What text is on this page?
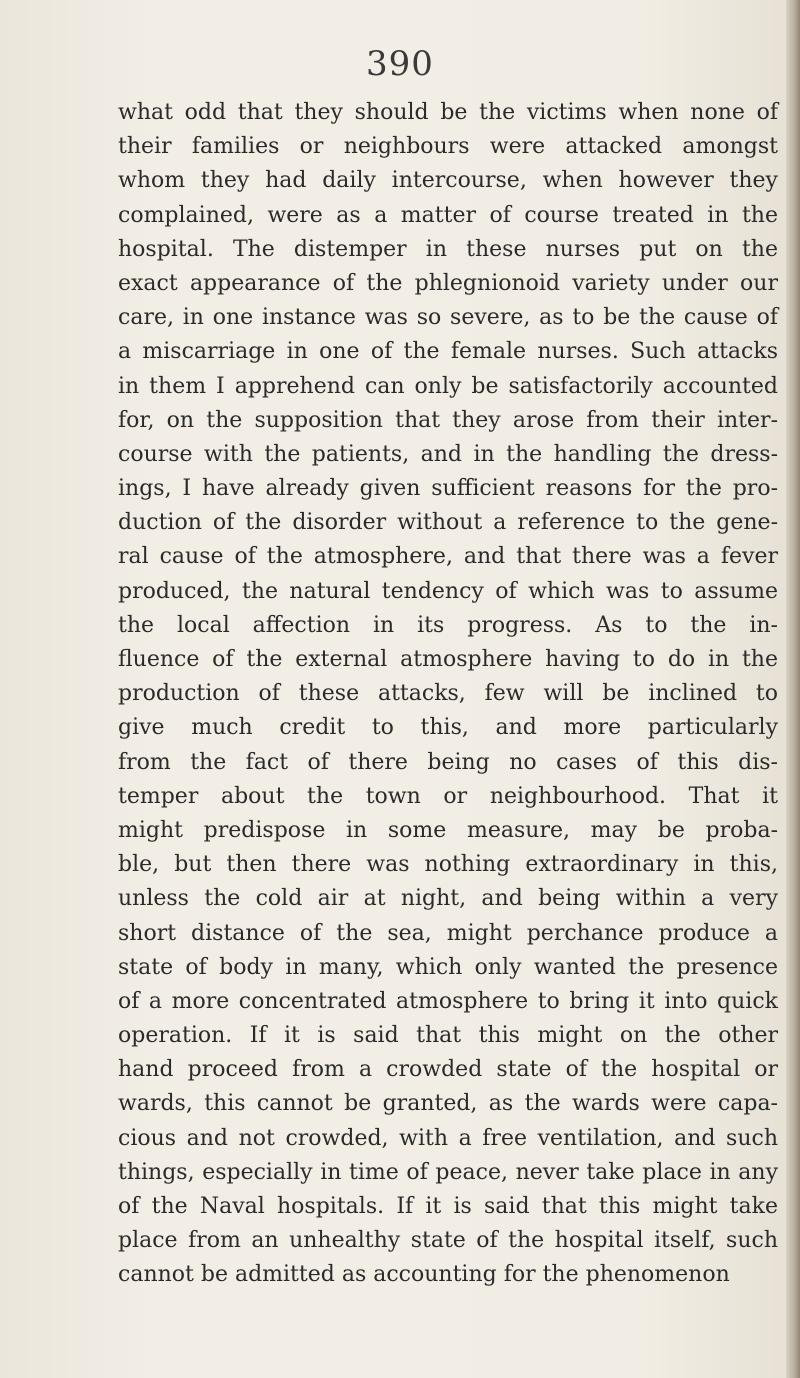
390
what odd that they should be the victims when none of
their families or neighbours were attacked amongst
whom they had daily intercourse, when however they
complained, were as a matter of course treated in the
hospital. The distemper in these nurses put on the
exact appearance of the phlegnionoid variety under our
care, in one instance was so severe, as to be the cause of
a miscarriage in one of the female nurses. Such attacks
in them I apprehend can only be satisfactorily accounted
for, on the supposition that they arose from their inter-
course with the patients, and in the handling the dress-
ings, I have already given sufficient reasons for the pro-
duction of the disorder without a reference to the gene-
ral cause of the atmosphere, and that there was a fever
produced, the natural tendency of which was to assume
the local affection in its progress. As to the in-
fluence of the external atmosphere having to do in the
production of these attacks, few will be inclined to
give much credit to this, and more particularly
from the fact of there being no cases of this dis-
temper about the town or neighbourhood. That it
might predispose in some measure, may be proba-
ble, but then there was nothing extraordinary in this,
unless the cold air at night, and being within a very
short distance of the sea, might perchance produce a
state of body in many, which only wanted the presence
of a more concentrated atmosphere to bring it into quick
operation. If it is said that this might on the other
hand proceed from a crowded state of the hospital or
wards, this cannot be granted, as the wards were capa-
cious and not crowded, with a free ventilation, and such
things, especially in time of peace, never take place in any
of the Naval hospitals. If it is said that this might take
place from an unhealthy state of the hospital itself, such
cannot be admitted as accounting for the phenomenon
